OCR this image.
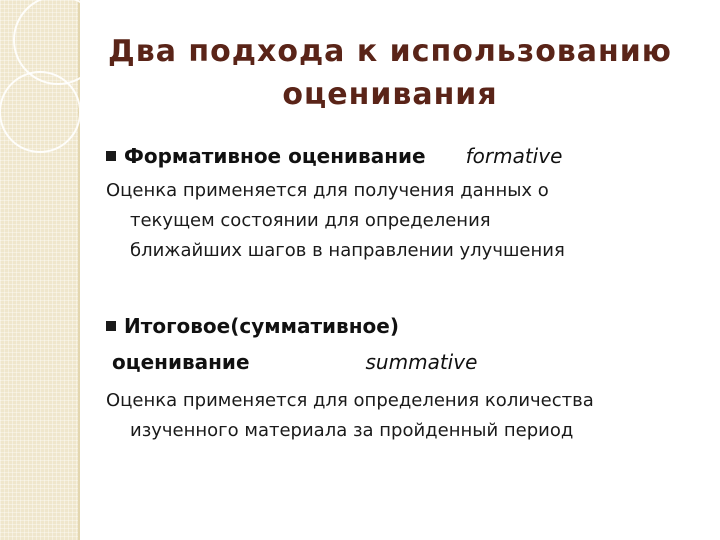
Два подхода к использованию
оценивания
Формативное оценивание formative
Оценка применяется для получения данных о
текущем состоянии для определения
ближайших шагов в направлении улучшения
Итоговое(суммативное)
оценивание	summative
Оценка применяется для определения количества
изученного материала за пройденный период
